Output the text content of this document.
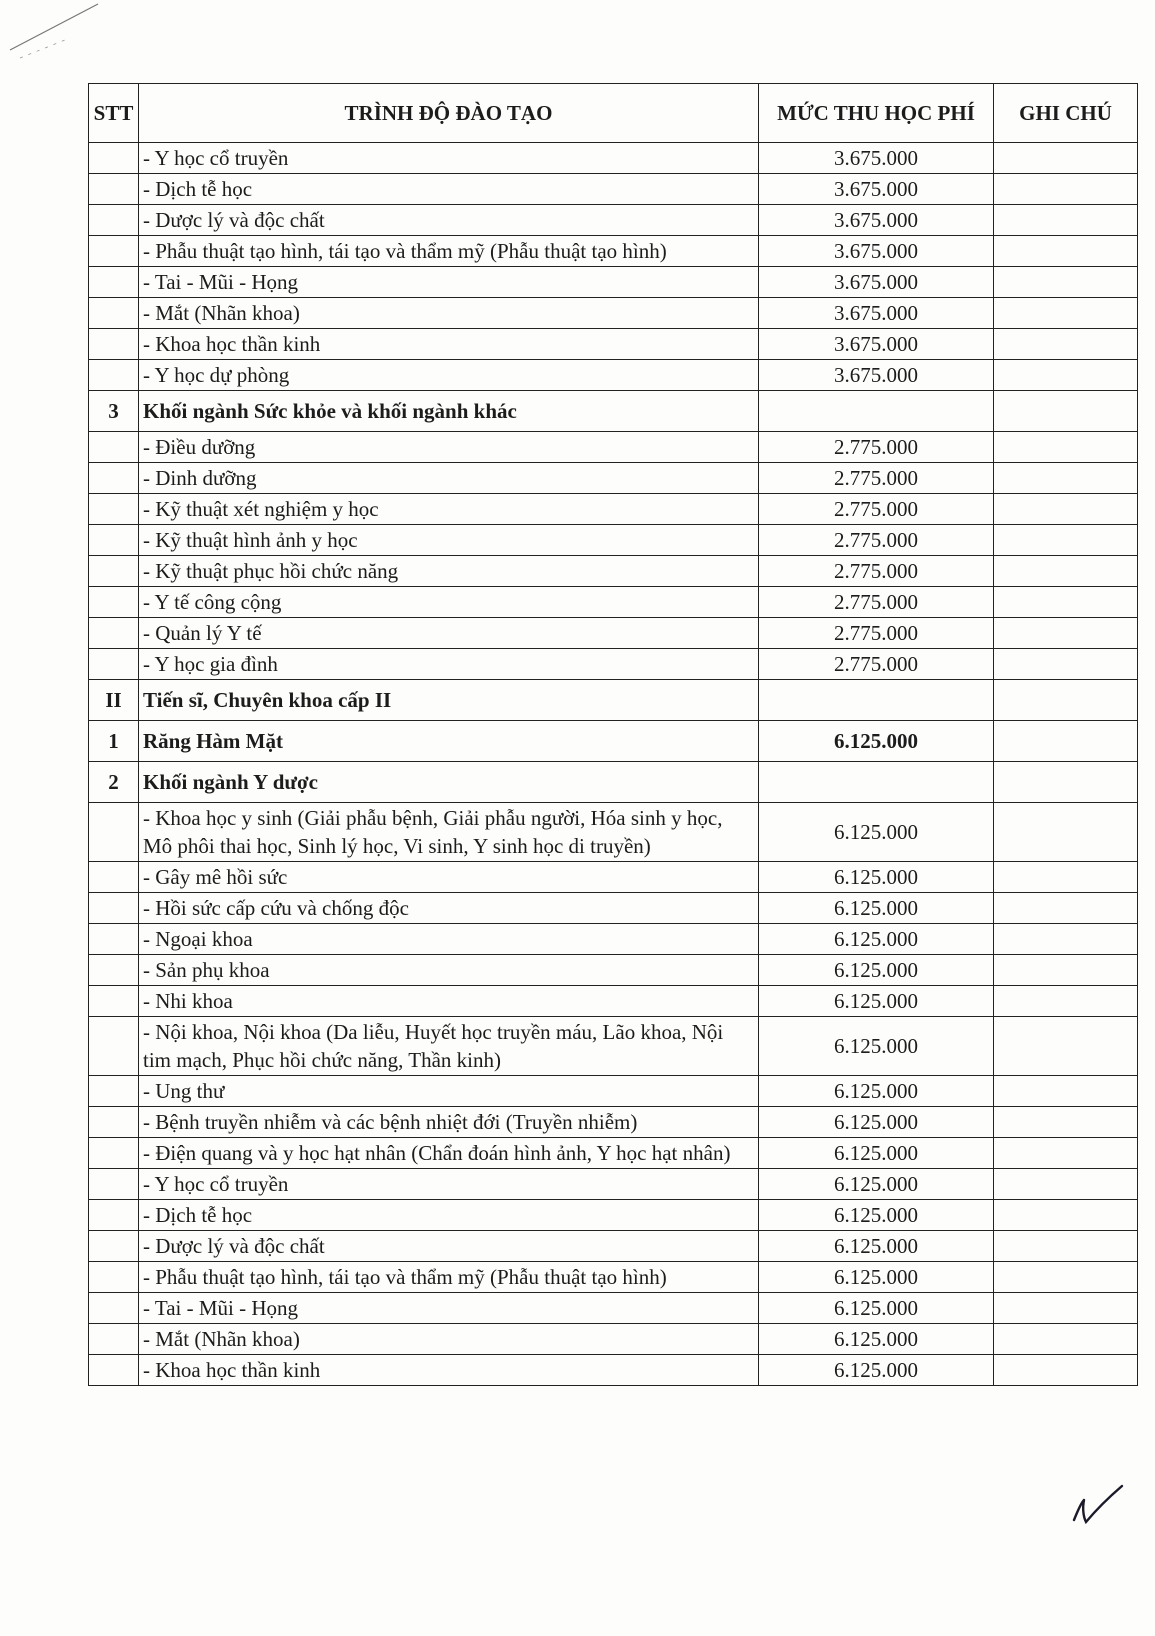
STT	TRÌNH ĐỘ ĐÀO TẠO	MỨC THU HỌC PHÍ	GHI CHÚ
	- Y học cổ truyền	3.675.000	
	- Dịch tễ học	3.675.000	
	- Dược lý và độc chất	3.675.000	
	- Phẫu thuật tạo hình, tái tạo và thẩm mỹ (Phẫu thuật tạo hình)	3.675.000	
	- Tai - Mũi - Họng	3.675.000	
	- Mắt (Nhãn khoa)	3.675.000	
	- Khoa học thần kinh	3.675.000	
	- Y học dự phòng	3.675.000	
3	Khối ngành Sức khỏe và khối ngành khác		
	- Điều dưỡng	2.775.000	
	- Dinh dưỡng	2.775.000	
	- Kỹ thuật xét nghiệm y học	2.775.000	
	- Kỹ thuật hình ảnh y học	2.775.000	
	- Kỹ thuật phục hồi chức năng	2.775.000	
	- Y tế công cộng	2.775.000	
	- Quản lý Y tế	2.775.000	
	- Y học gia đình	2.775.000	
II	Tiến sĩ, Chuyên khoa cấp II		
1	Răng Hàm Mặt	6.125.000	
2	Khối ngành Y dược		
	- Khoa học y sinh (Giải phẫu bệnh, Giải phẫu người, Hóa sinh y học, Mô phôi thai học, Sinh lý học, Vi sinh, Y sinh học di truyền)	6.125.000	
	- Gây mê hồi sức	6.125.000	
	- Hồi sức cấp cứu và chống độc	6.125.000	
	- Ngoại khoa	6.125.000	
	- Sản phụ khoa	6.125.000	
	- Nhi khoa	6.125.000	
	- Nội khoa, Nội khoa (Da liễu, Huyết học truyền máu, Lão khoa, Nội tim mạch, Phục hồi chức năng, Thần kinh)	6.125.000	
	- Ung thư	6.125.000	
	- Bệnh truyền nhiễm và các bệnh nhiệt đới (Truyền nhiễm)	6.125.000	
	- Điện quang và y học hạt nhân (Chẩn đoán hình ảnh, Y học hạt nhân)	6.125.000	
	- Y học cổ truyền	6.125.000	
	- Dịch tễ học	6.125.000	
	- Dược lý và độc chất	6.125.000	
	- Phẫu thuật tạo hình, tái tạo và thẩm mỹ (Phẫu thuật tạo hình)	6.125.000	
	- Tai - Mũi - Họng	6.125.000	
	- Mắt (Nhãn khoa)	6.125.000	
	- Khoa học thần kinh	6.125.000	
